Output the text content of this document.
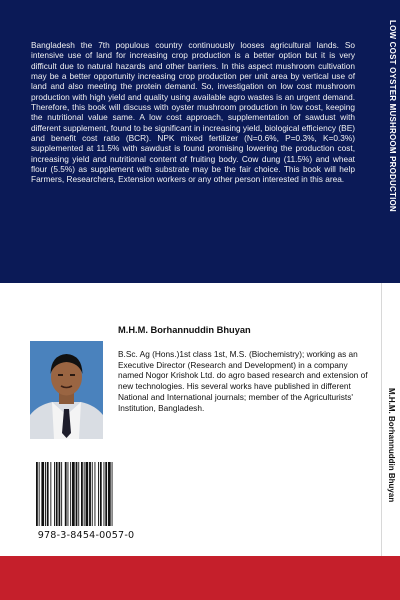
Bangladesh the 7th populous country continuously looses agricultural lands. So intensive use of land for increasing crop production is a better option but it is very difficult due to natural hazards and other barriers. In this aspect mushroom cultivation may be a better opportunity increasing crop production per unit area by vertical use of land and also meeting the protein demand. So, investigation on low cost mushroom production with high yield and quality using available agro wastes is an urgent demand. Therefore, this book will discuss with oyster mushroom production in low cost, keeping the nutritional value same. A low cost approach, supplementation of sawdust with different supplement, found to be significant in increasing yield, biological efficiency (BE) and benefit cost ratio (BCR). NPK mixed fertilizer (N=0.6%, P=0.3%, K=0.3%) supplemented at 11.5% with sawdust is found promising lowering the production cost, increasing yield and nutritional content of fruiting body. Cow dung (11.5%) and wheat flour (5.5%) as supplement with substrate may be the fair choice. This book will help Farmers, Researchers, Extension workers or any other person interested in this area.	LOW COST OYSTER MUSHROOM PRODUCTION
M.H.M. Borhannuddin Bhuyan
M.H.M. Borhannuddin Bhuyan

B.Sc. Ag (Hons.)1st class 1st, M.S. (Biochemistry); working as an Executive Director (Research and Development) in a company named Nogor Krishok Ltd. do agro based research and extension of new technologies. His several works have published in different National and International journals; member of the Agriculturists' Institution, Bangladesh.

978-3-8454-0057-0
